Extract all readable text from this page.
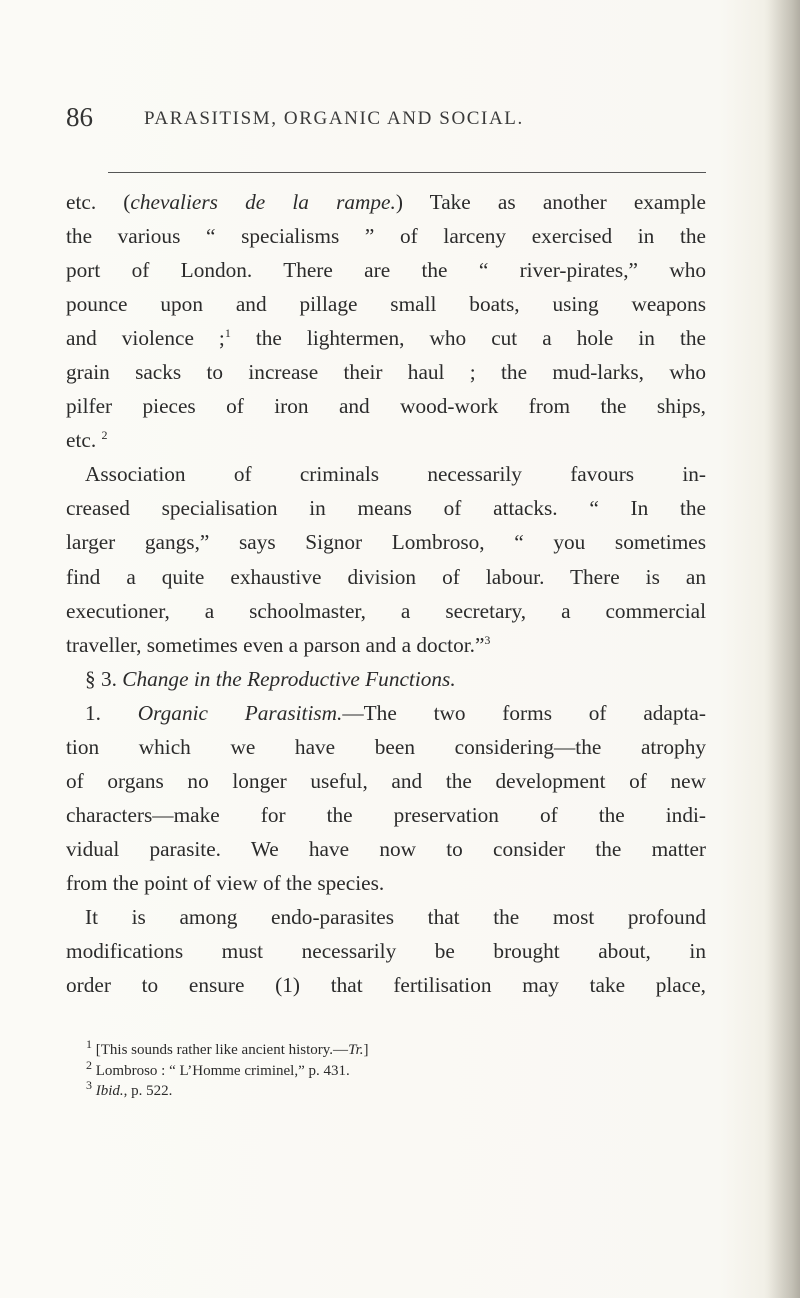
86	PARASITISM, ORGANIC AND SOCIAL.
etc. (chevaliers de la rampe.) Take as another example
the various “ specialisms ” of larceny exercised in the
port of London. There are the “ river-pirates,” who
pounce upon and pillage small boats, using weapons
and violence ;$^1$ the lightermen, who cut a hole in the
grain sacks to increase their haul ; the mud-larks, who
pilfer pieces of iron and wood-work from the ships,
etc. $^2$
Association of criminals necessarily favours in-
creased specialisation in means of attacks. “ In the
larger gangs,” says Signor Lombroso, “ you sometimes
find a quite exhaustive division of labour. There is an
executioner, a schoolmaster, a secretary, a commercial
traveller, sometimes even a parson and a doctor.”$^3$
§ 3. Change in the Reproductive Functions.
1. Organic Parasitism.—The two forms of adapta-
tion which we have been considering—the atrophy
of organs no longer useful, and the development of new
characters—make for the preservation of the indi-
vidual parasite. We have now to consider the matter
from the point of view of the species.
It is among endo-parasites that the most profound
modifications must necessarily be brought about, in
order to ensure (1) that fertilisation may take place,
$^1$ [This sounds rather like ancient history.—Tr.]
$^2$ Lombroso : “ L’Homme criminel,” p. 431.
$^3$ Ibid., p. 522.
